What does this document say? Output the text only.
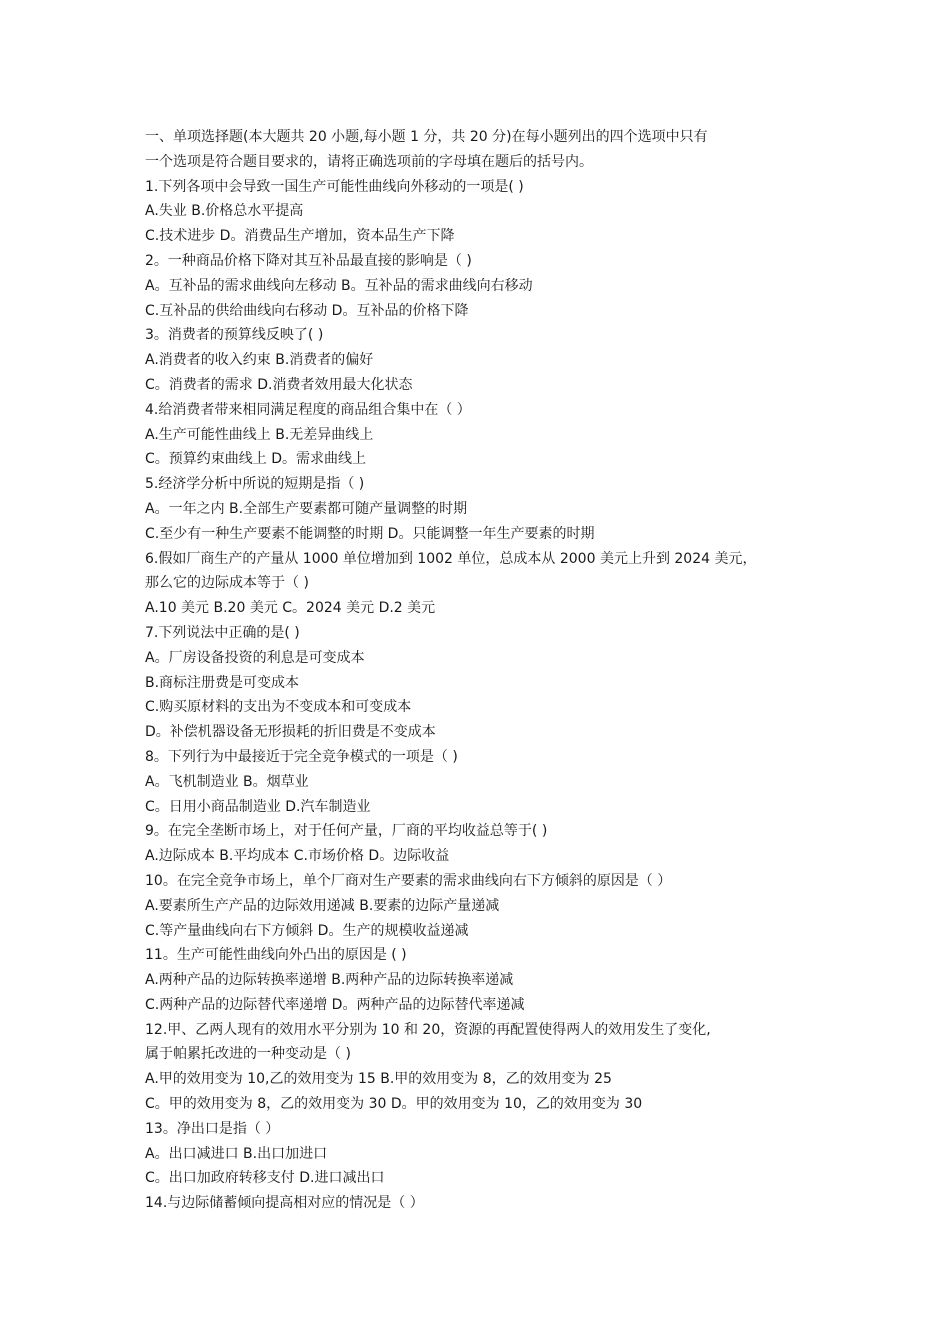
一、单项选择题(本大题共 20 小题,每小题 1 分，共 20 分)在每小题列出的四个选项中只有

一个选项是符合题目要求的，请将正确选项前的字母填在题后的括号内。

1.下列各项中会导致一国生产可能性曲线向外移动的一项是( )

A.失业 B.价格总水平提高

C.技术进步 D。消费品生产增加，资本品生产下降

2。一种商品价格下降对其互补品最直接的影响是（ )

A。互补品的需求曲线向左移动 B。互补品的需求曲线向右移动

C.互补品的供给曲线向右移动 D。互补品的价格下降

3。消费者的预算线反映了( )

A.消费者的收入约束 B.消费者的偏好

C。消费者的需求 D.消费者效用最大化状态

4.给消费者带来相同满足程度的商品组合集中在（ ）

A.生产可能性曲线上 B.无差异曲线上

C。预算约束曲线上 D。需求曲线上

5.经济学分析中所说的短期是指（ )

A。一年之内 B.全部生产要素都可随产量调整的时期

C.至少有一种生产要素不能调整的时期 D。只能调整一年生产要素的时期

6.假如厂商生产的产量从 1000 单位增加到 1002 单位，总成本从 2000 美元上升到 2024 美元，

那么它的边际成本等于（ )

A.10 美元 B.20 美元 C。2024 美元 D.2 美元

7.下列说法中正确的是( )

A。厂房设备投资的利息是可变成本

B.商标注册费是可变成本

C.购买原材料的支出为不变成本和可变成本

D。补偿机器设备无形损耗的折旧费是不变成本

8。下列行为中最接近于完全竞争模式的一项是（ )

A。飞机制造业 B。烟草业

C。日用小商品制造业 D.汽车制造业

9。在完全垄断市场上，对于任何产量，厂商的平均收益总等于( )

A.边际成本 B.平均成本 C.市场价格 D。边际收益

10。在完全竞争市场上，单个厂商对生产要素的需求曲线向右下方倾斜的原因是（ ）

A.要素所生产产品的边际效用递减 B.要素的边际产量递减

C.等产量曲线向右下方倾斜 D。生产的规模收益递减

11。生产可能性曲线向外凸出的原因是 ( )

A.两种产品的边际转换率递增 B.两种产品的边际转换率递减

C.两种产品的边际替代率递增 D。两种产品的边际替代率递减

12.甲、乙两人现有的效用水平分别为 10 和 20，资源的再配置使得两人的效用发生了变化,

属于帕累托改进的一种变动是（ )

A.甲的效用变为 10,乙的效用变为 15 B.甲的效用变为 8，乙的效用变为 25

C。甲的效用变为 8，乙的效用变为 30 D。甲的效用变为 10，乙的效用变为 30

13。净出口是指（ ）

A。出口减进口 B.出口加进口

C。出口加政府转移支付 D.进口减出口

14.与边际储蓄倾向提高相对应的情况是（ ）
